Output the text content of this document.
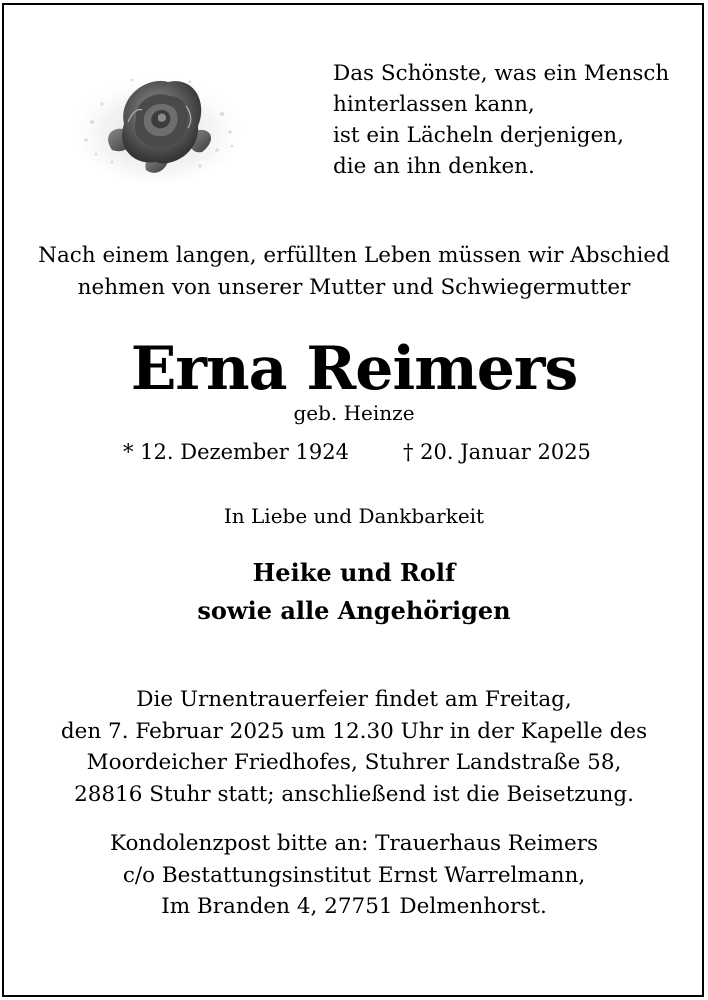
Das Schönste, was ein Mensch
hinterlassen kann,
ist ein Lächeln derjenigen,
die an ihn denken.
Nach einem langen, erfüllten Leben müssen wir Abschied
nehmen von unserer Mutter und Schwiegermutter
Erna Reimers
geb. Heinze
* 12. Dezember 1924	† 20. Januar 2025
In Liebe und Dankbarkeit
Heike und Rolf
sowie alle Angehörigen
Die Urnentrauerfeier findet am Freitag,
den 7. Februar 2025 um 12.30 Uhr in der Kapelle des
Moordeicher Friedhofes, Stuhrer Landstraße 58,
28816 Stuhr statt; anschließend ist die Beisetzung.
Kondolenzpost bitte an: Trauerhaus Reimers
c/o Bestattungsinstitut Ernst Warrelmann,
Im Branden 4, 27751 Delmenhorst.
